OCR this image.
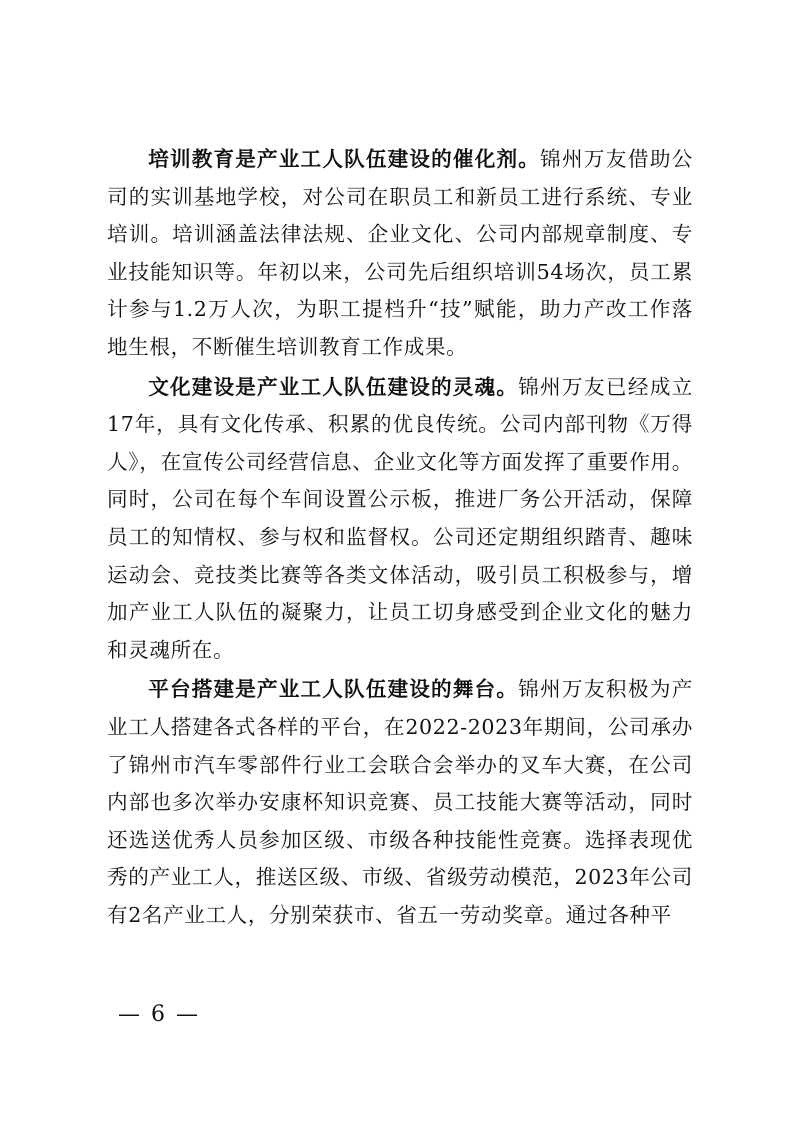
培训教育是产业工人队伍建设的催化剂。锦州万友借助公司的实训基地学校，对公司在职员工和新员工进行系统、专业培训。培训涵盖法律法规、企业文化、公司内部规章制度、专业技能知识等。年初以来，公司先后组织培训54场次，员工累计参与1.2万人次，为职工提档升“技”赋能，助力产改工作落地生根，不断催生培训教育工作成果。

文化建设是产业工人队伍建设的灵魂。锦州万友已经成立17年，具有文化传承、积累的优良传统。公司内部刊物《万得人》，在宣传公司经营信息、企业文化等方面发挥了重要作用。同时，公司在每个车间设置公示板，推进厂务公开活动，保障员工的知情权、参与权和监督权。公司还定期组织踏青、趣味运动会、竞技类比赛等各类文体活动，吸引员工积极参与，增加产业工人队伍的凝聚力，让员工切身感受到企业文化的魅力和灵魂所在。

平台搭建是产业工人队伍建设的舞台。锦州万友积极为产业工人搭建各式各样的平台，在2022-2023年期间，公司承办了锦州市汽车零部件行业工会联合会举办的叉车大赛，在公司内部也多次举办安康杯知识竞赛、员工技能大赛等活动，同时还选送优秀人员参加区级、市级各种技能性竞赛。选择表现优秀的产业工人，推送区级、市级、省级劳动模范，2023年公司有2名产业工人，分别荣获市、省五一劳动奖章。通过各种平

— 6 —
